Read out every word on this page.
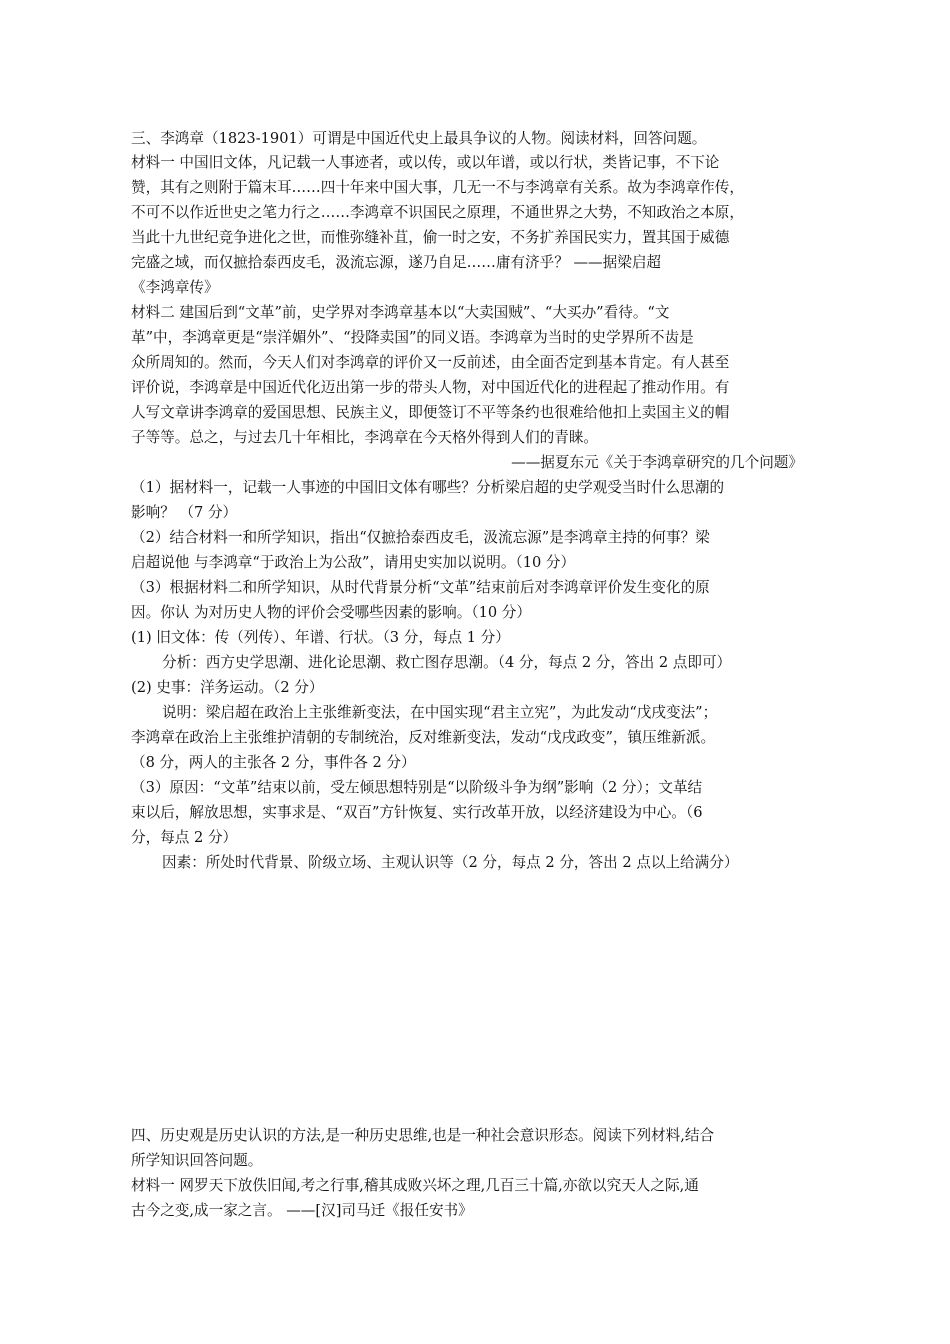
三、李鸿章（1823-1901）可谓是中国近代史上最具争议的人物。阅读材料，回答问题。
材料一 中国旧文体，凡记载一人事迹者，或以传，或以年谱，或以行状，类皆记事，不下论
赞，其有之则附于篇末耳……四十年来中国大事，几无一不与李鸿章有关系。故为李鸿章作传，
不可不以作近世史之笔力行之……李鸿章不识国民之原理，不通世界之大势，不知政治之本原，
当此十九世纪竞争进化之世，而惟弥缝补苴，偷一时之安，不务扩养国民实力，置其国于威德
完盛之域，而仅摭拾泰西皮毛，汲流忘源，遂乃自足……庸有济乎？ ——据梁启超
《李鸿章传》
材料二 建国后到“文革”前，史学界对李鸿章基本以“大卖国贼”、“大买办”看待。“文
革”中，李鸿章更是“崇洋媚外”、“投降卖国”的同义语。李鸿章为当时的史学界所不齿是
众所周知的。然而，今天人们对李鸿章的评价又一反前述，由全面否定到基本肯定。有人甚至
评价说，李鸿章是中国近代化迈出第一步的带头人物，对中国近代化的进程起了推动作用。有
人写文章讲李鸿章的爱国思想、民族主义，即便签订不平等条约也很难给他扣上卖国主义的帽
子等等。总之，与过去几十年相比，李鸿章在今天格外得到人们的青睐。
——据夏东元《关于李鸿章研究的几个问题》
（1）据材料一，记载一人事迹的中国旧文体有哪些？分析梁启超的史学观受当时什么思潮的
影响？ （7 分）
（2）结合材料一和所学知识，指出“仅摭拾泰西皮毛，汲流忘源”是李鸿章主持的何事？梁
启超说他 与李鸿章“于政治上为公敌”，请用史实加以说明。（10 分）
（3）根据材料二和所学知识，从时代背景分析“文革”结束前后对李鸿章评价发生变化的原
因。你认 为对历史人物的评价会受哪些因素的影响。（10 分）
(1) 旧文体：传（列传）、年谱、行状。（3 分，每点 1 分）
分析：西方史学思潮、进化论思潮、救亡图存思潮。（4 分，每点 2 分，答出 2 点即可）
(2) 史事：洋务运动。（2 分）
说明：梁启超在政治上主张维新变法，在中国实现“君主立宪”，为此发动“戊戌变法”；
李鸿章在政治上主张维护清朝的专制统治，反对维新变法，发动“戊戌政变”，镇压维新派。
（8 分，两人的主张各 2 分，事件各 2 分）
（3）原因：“文革”结束以前，受左倾思想特别是“以阶级斗争为纲”影响（2 分）；文革结
束以后，解放思想，实事求是、“双百”方针恢复、实行改革开放，以经济建设为中心。（6
分，每点 2 分）
因素：所处时代背景、阶级立场、主观认识等（2 分，每点 2 分，答出 2 点以上给满分）
四、历史观是历史认识的方法,是一种历史思维,也是一种社会意识形态。阅读下列材料,结合
所学知识回答问题。
材料一 网罗天下放佚旧闻,考之行事,稽其成败兴坏之理,几百三十篇,亦欲以究天人之际,通
古今之变,成一家之言。 ——[汉]司马迁《报任安书》
